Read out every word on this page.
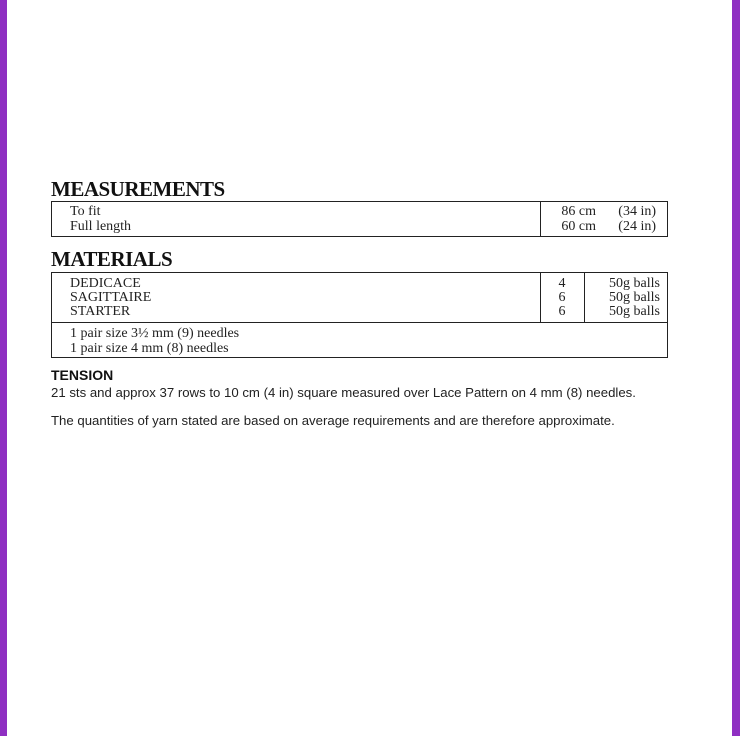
MEASUREMENTS
To fit	86 cm	(34 in)
Full length	60 cm	(24 in)
MATERIALS
DEDICACE	4	50g balls
SAGITTAIRE	6	50g balls
STARTER	6	50g balls
1 pair size 3½ mm (9) needles
1 pair size 4 mm (8) needles
TENSION
21 sts and approx 37 rows to 10 cm (4 in) square measured over Lace Pattern on 4 mm (8) needles.
The quantities of yarn stated are based on average requirements and are therefore approximate.
